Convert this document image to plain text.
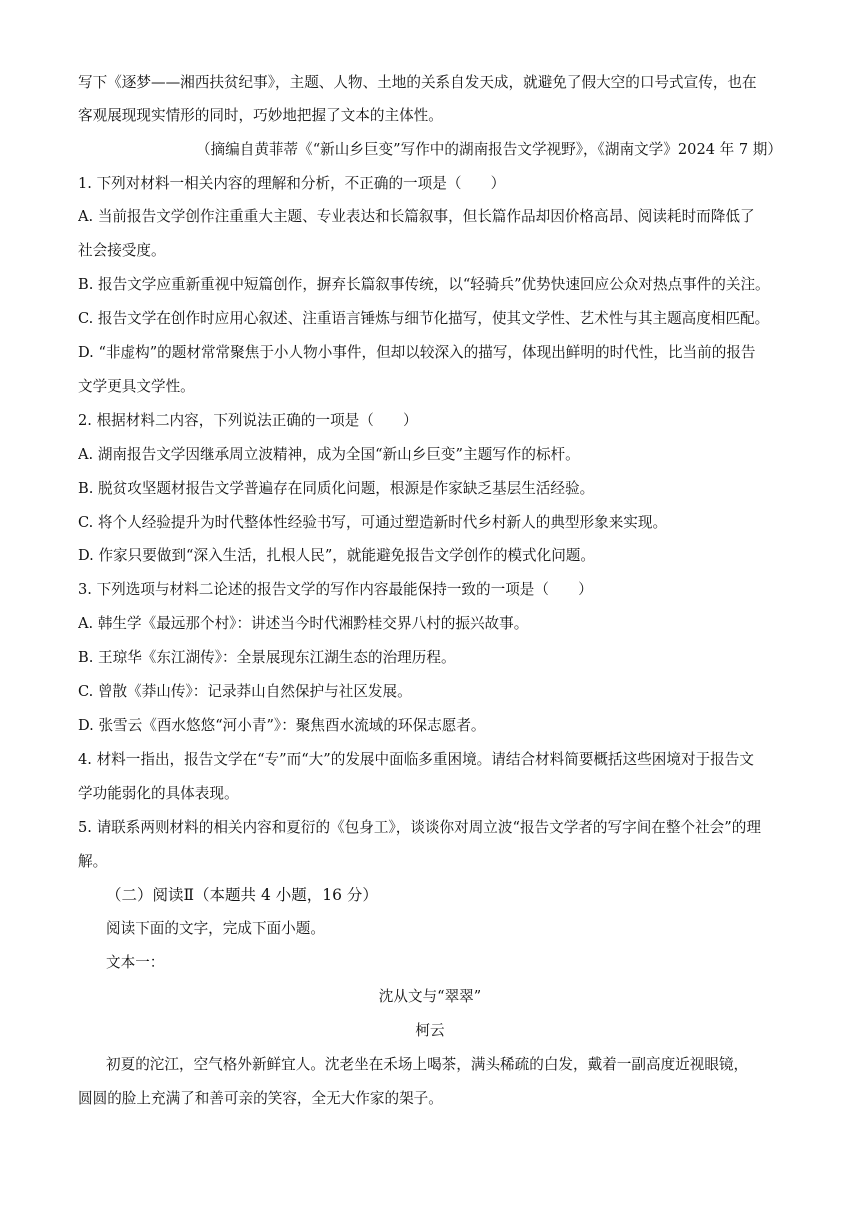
写下《逐梦——湘西扶贫纪事》，主题、人物、土地的关系自发天成，就避免了假大空的口号式宣传，也在
客观展现现实情形的同时，巧妙地把握了文本的主体性。
（摘编自黄菲蒂《“新山乡巨变”写作中的湖南报告文学视野》，《湖南文学》2024 年 7 期）
1. 下列对材料一相关内容的理解和分析，不正确的一项是（　　）
A. 当前报告文学创作注重重大主题、专业表达和长篇叙事，但长篇作品却因价格高昂、阅读耗时而降低了
社会接受度。
B. 报告文学应重新重视中短篇创作，摒弃长篇叙事传统，以“轻骑兵”优势快速回应公众对热点事件的关注。
C. 报告文学在创作时应用心叙述、注重语言锤炼与细节化描写，使其文学性、艺术性与其主题高度相匹配。
D. “非虚构”的题材常常聚焦于小人物小事件，但却以较深入的描写，体现出鲜明的时代性，比当前的报告
文学更具文学性。
2. 根据材料二内容，下列说法正确的一项是（　　）
A. 湖南报告文学因继承周立波精神，成为全国“新山乡巨变”主题写作的标杆。
B. 脱贫攻坚题材报告文学普遍存在同质化问题，根源是作家缺乏基层生活经验。
C. 将个人经验提升为时代整体性经验书写，可通过塑造新时代乡村新人的典型形象来实现。
D. 作家只要做到“深入生活，扎根人民”，就能避免报告文学创作的模式化问题。
3. 下列选项与材料二论述的报告文学的写作内容最能保持一致的一项是（　　）
A. 韩生学《最远那个村》：讲述当今时代湘黔桂交界八村的振兴故事。
B. 王琼华《东江湖传》：全景展现东江湖生态的治理历程。
C. 曾散《莽山传》：记录莽山自然保护与社区发展。
D. 张雪云《酉水悠悠“河小青”》：聚焦酉水流域的环保志愿者。
4. 材料一指出，报告文学在“专”而“大”的发展中面临多重困境。请结合材料简要概括这些困境对于报告文
学功能弱化的具体表现。
5. 请联系两则材料的相关内容和夏衍的《包身工》，谈谈你对周立波“报告文学者的写字间在整个社会”的理
解。
（二）阅读Ⅱ（本题共 4 小题，16 分）
阅读下面的文字，完成下面小题。
文本一：
沈从文与“翠翠”
柯云
初夏的沱江，空气格外新鲜宜人。沈老坐在禾场上喝茶，满头稀疏的白发，戴着一副高度近视眼镜，
圆圆的脸上充满了和善可亲的笑容，全无大作家的架子。
